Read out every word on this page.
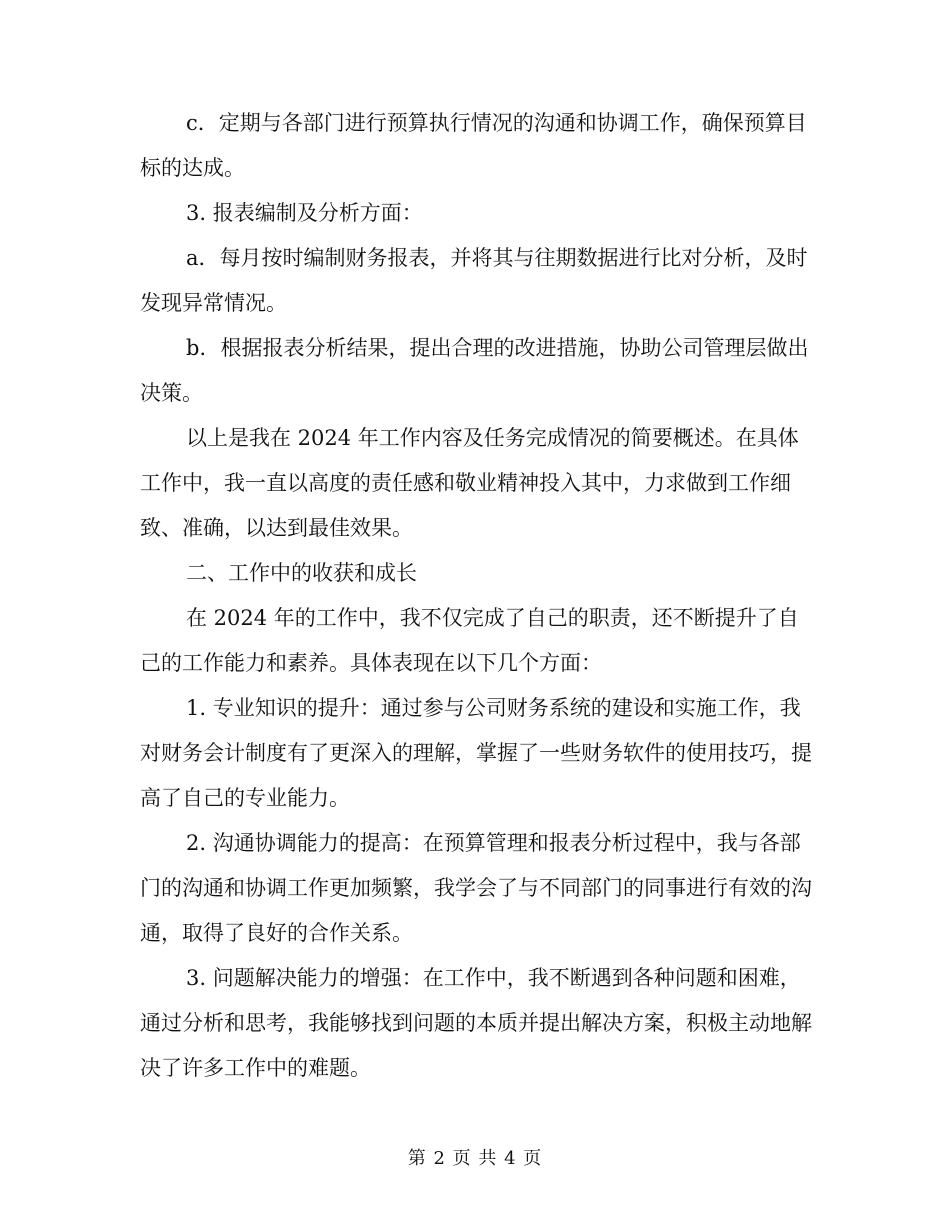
c．定期与各部门进行预算执行情况的沟通和协调工作，确保预算目标的达成。

3. 报表编制及分析方面：

a．每月按时编制财务报表，并将其与往期数据进行比对分析，及时发现异常情况。

b．根据报表分析结果，提出合理的改进措施，协助公司管理层做出决策。

以上是我在 2024 年工作内容及任务完成情况的简要概述。在具体工作中，我一直以高度的责任感和敬业精神投入其中，力求做到工作细致、准确，以达到最佳效果。

二、工作中的收获和成长

在 2024 年的工作中，我不仅完成了自己的职责，还不断提升了自己的工作能力和素养。具体表现在以下几个方面：

1. 专业知识的提升：通过参与公司财务系统的建设和实施工作，我对财务会计制度有了更深入的理解，掌握了一些财务软件的使用技巧，提高了自己的专业能力。

2. 沟通协调能力的提高：在预算管理和报表分析过程中，我与各部门的沟通和协调工作更加频繁，我学会了与不同部门的同事进行有效的沟通，取得了良好的合作关系。

3. 问题解决能力的增强：在工作中，我不断遇到各种问题和困难，通过分析和思考，我能够找到问题的本质并提出解决方案，积极主动地解决了许多工作中的难题。

第 2 页 共 4 页
